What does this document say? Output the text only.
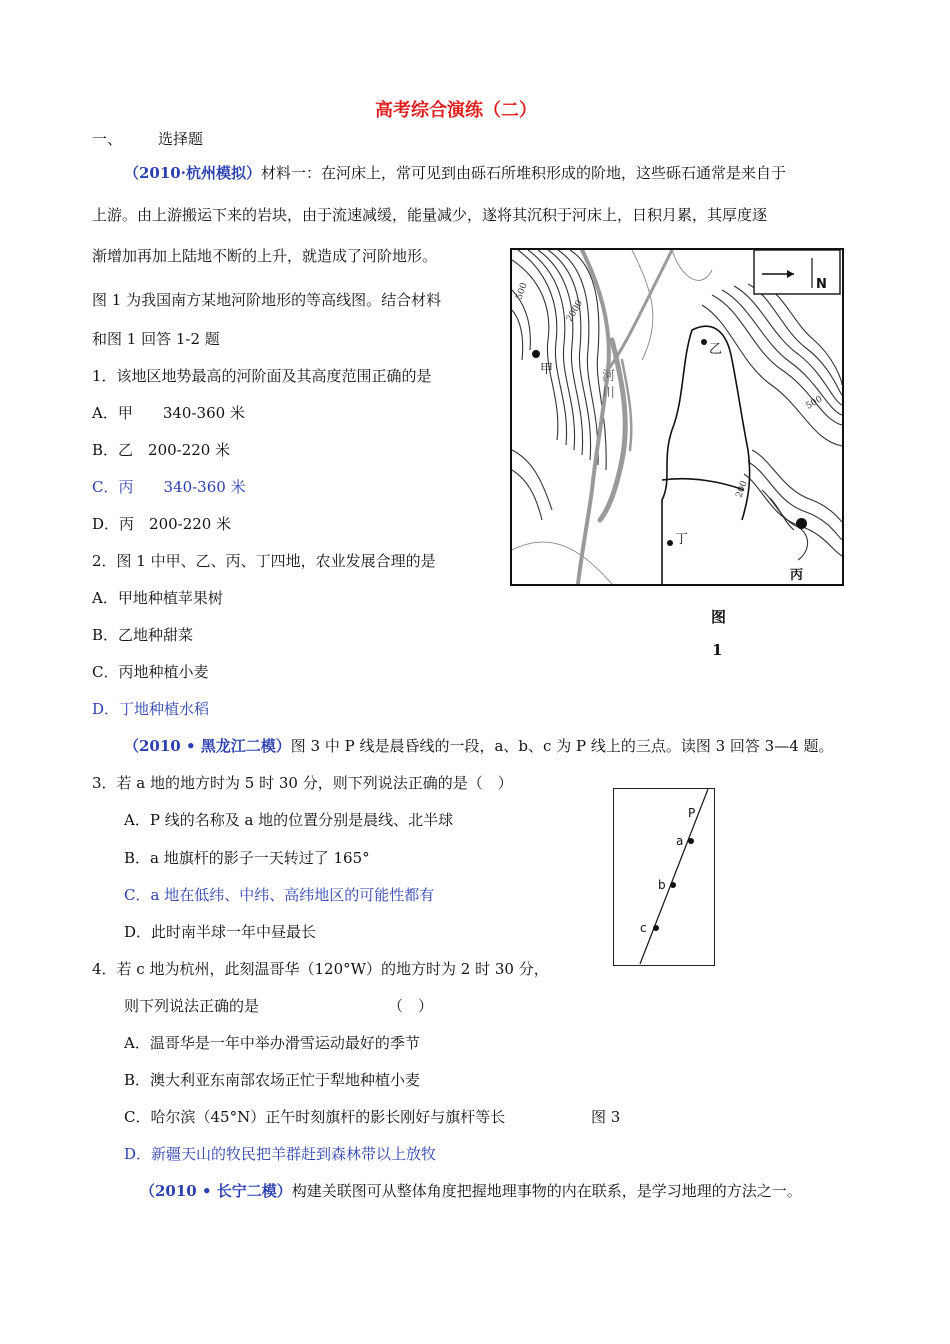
高考综合演练（二）
一、 选择题
（2010·杭州模拟）材料一：在河床上，常可见到由砾石所堆积形成的阶地，这些砾石通常是来自于
上游。由上游搬运下来的岩块，由于流速减缓，能量减少，遂将其沉积于河床上，日积月累，其厚度逐
渐增加再加上陆地不断的上升，就造成了河阶地形。
图 1 为我国南方某地河阶地形的等高线图。结合材料
和图 1 回答 1-2 题
1．该地区地势最高的河阶面及其高度范围正确的是
A．甲　　340-360 米
B．乙　200-220 米
C．丙　　340-360 米
D．丙　200-220 米
2．图 1 中甲、乙、丙、丁四地，农业发展合理的是
A．甲地种植苹果树
B．乙地种甜菜
C．丙地种植小麦
D．丁地种植水稻
500
2000
500
200
N
河
川
甲
乙
丙
丁
图
1
（2010 • 黑龙江二模）图 3 中 P 线是晨昏线的一段，a、b、c 为 P 线上的三点。读图 3 回答 3—4 题。
3．若 a 地的地方时为 5 时 30 分，则下列说法正确的是（　）
A．P 线的名称及 a 地的位置分别是晨线、北半球
B．a 地旗杆的影子一天转过了 165°
C．a 地在低纬、中纬、高纬地区的可能性都有
D．此时南半球一年中昼最长
4．若 c 地为杭州，此刻温哥华（120°W）的地方时为 2 时 30 分，
则下列说法正确的是	（　）
A．温哥华是一年中举办滑雪运动最好的季节
B．澳大利亚东南部农场正忙于犁地种植小麦
C．哈尔滨（45°N）正午时刻旗杆的影长刚好与旗杆等长	图 3
D．新疆天山的牧民把羊群赶到森林带以上放牧
P
a
b
c
（2010 • 长宁二模）构建关联图可从整体角度把握地理事物的内在联系，是学习地理的方法之一。
